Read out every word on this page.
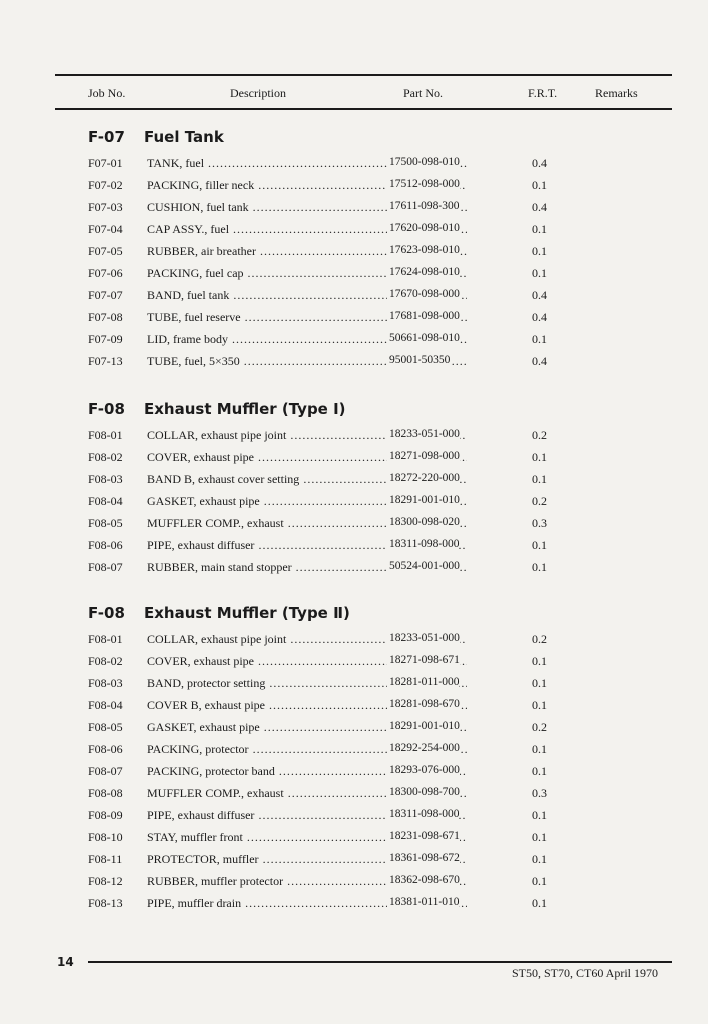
Job No.	Description	Part No.	F.R.T.	Remarks
F-07 Fuel Tank
F07-01 TANK, fuel .....	17500-098-010	0.4
F07-02 PACKING, filler neck .....	17512-098-000	0.1
F07-03 CUSHION, fuel tank .....	17611-098-300	0.4
F07-04 CAP ASSY., fuel .....	17620-098-010	0.1
F07-05 RUBBER, air breather .....	17623-098-010	0.1
F07-06 PACKING, fuel cap .....	17624-098-010	0.1
F07-07 BAND, fuel tank .....	17670-098-000	0.4
F07-08 TUBE, fuel reserve .....	17681-098-000	0.4
F07-09 LID, frame body .....	50661-098-010	0.1
F07-13 TUBE, fuel, 5×350 .....	95001-50350	0.4
F-08 Exhaust Muffler (Type Ⅰ)
F08-01 COLLAR, exhaust pipe joint .....	18233-051-000	0.2
F08-02 COVER, exhaust pipe .....	18271-098-000	0.1
F08-03 BAND B, exhaust cover setting .....	18272-220-000	0.1
F08-04 GASKET, exhaust pipe .....	18291-001-010	0.2
F08-05 MUFFLER COMP., exhaust .....	18300-098-020	0.3
F08-06 PIPE, exhaust diffuser .....	18311-098-000	0.1
F08-07 RUBBER, main stand stopper .....	50524-001-000	0.1
F-08 Exhaust Muffler (Type Ⅱ)
F08-01 COLLAR, exhaust pipe joint .....	18233-051-000	0.2
F08-02 COVER, exhaust pipe .....	18271-098-671	0.1
F08-03 BAND, protector setting .....	18281-011-000	0.1
F08-04 COVER B, exhaust pipe .....	18281-098-670	0.1
F08-05 GASKET, exhaust pipe .....	18291-001-010	0.2
F08-06 PACKING, protector .....	18292-254-000	0.1
F08-07 PACKING, protector band .....	18293-076-000	0.1
F08-08 MUFFLER COMP., exhaust .....	18300-098-700	0.3
F08-09 PIPE, exhaust diffuser .....	18311-098-000	0.1
F08-10 STAY, muffler front .....	18231-098-671	0.1
F08-11 PROTECTOR, muffler .....	18361-098-672	0.1
F08-12 RUBBER, muffler protector .....	18362-098-670	0.1
F08-13 PIPE, muffler drain .....	18381-011-010	0.1
14
ST50, ST70, CT60 April 1970
